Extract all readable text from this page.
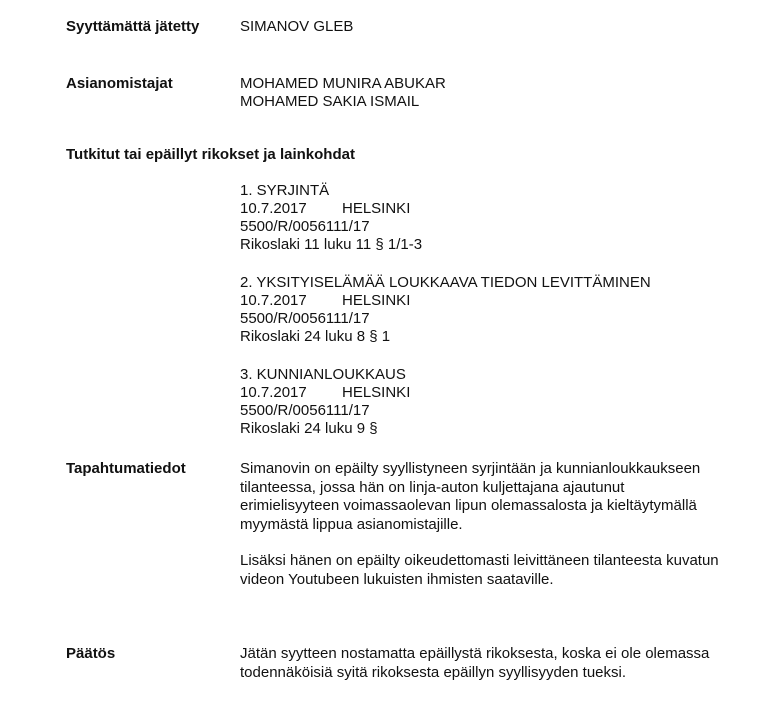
Syyttämättä jätetty	SIMANOV GLEB
Asianomistajat	MOHAMED MUNIRA ABUKAR
MOHAMED SAKIA ISMAIL
Tutkitut tai epäillyt rikokset ja lainkohdat
1. SYRJINTÄ
10.7.2017 HELSINKI
5500/R/0056111/17
Rikoslaki 11 luku 11 § 1/1-3
2. YKSITYISELÄMÄÄ LOUKKAAVA TIEDON LEVITTÄMINEN
10.7.2017 HELSINKI
5500/R/0056111/17
Rikoslaki 24 luku 8 § 1
3. KUNNIANLOUKKAUS
10.7.2017 HELSINKI
5500/R/0056111/17
Rikoslaki 24 luku 9 §
Tapahtumatiedot	Simanovin on epäilty syyllistyneen syrjintään ja kunnianloukkaukseen
tilanteessa, jossa hän on linja-auton kuljettajana ajautunut
erimielisyyteen voimassaolevan lipun olemassalosta ja kieltäytymällä
myymästä lippua asianomistajille.
Lisäksi hänen on epäilty oikeudettomasti leivittäneen tilanteesta kuvatun
videon Youtubeen lukuisten ihmisten saataville.
Päätös	Jätän syytteen nostamatta epäillystä rikoksesta, koska ei ole olemassa
todennäköisiä syitä rikoksesta epäillyn syyllisyyden tueksi.
